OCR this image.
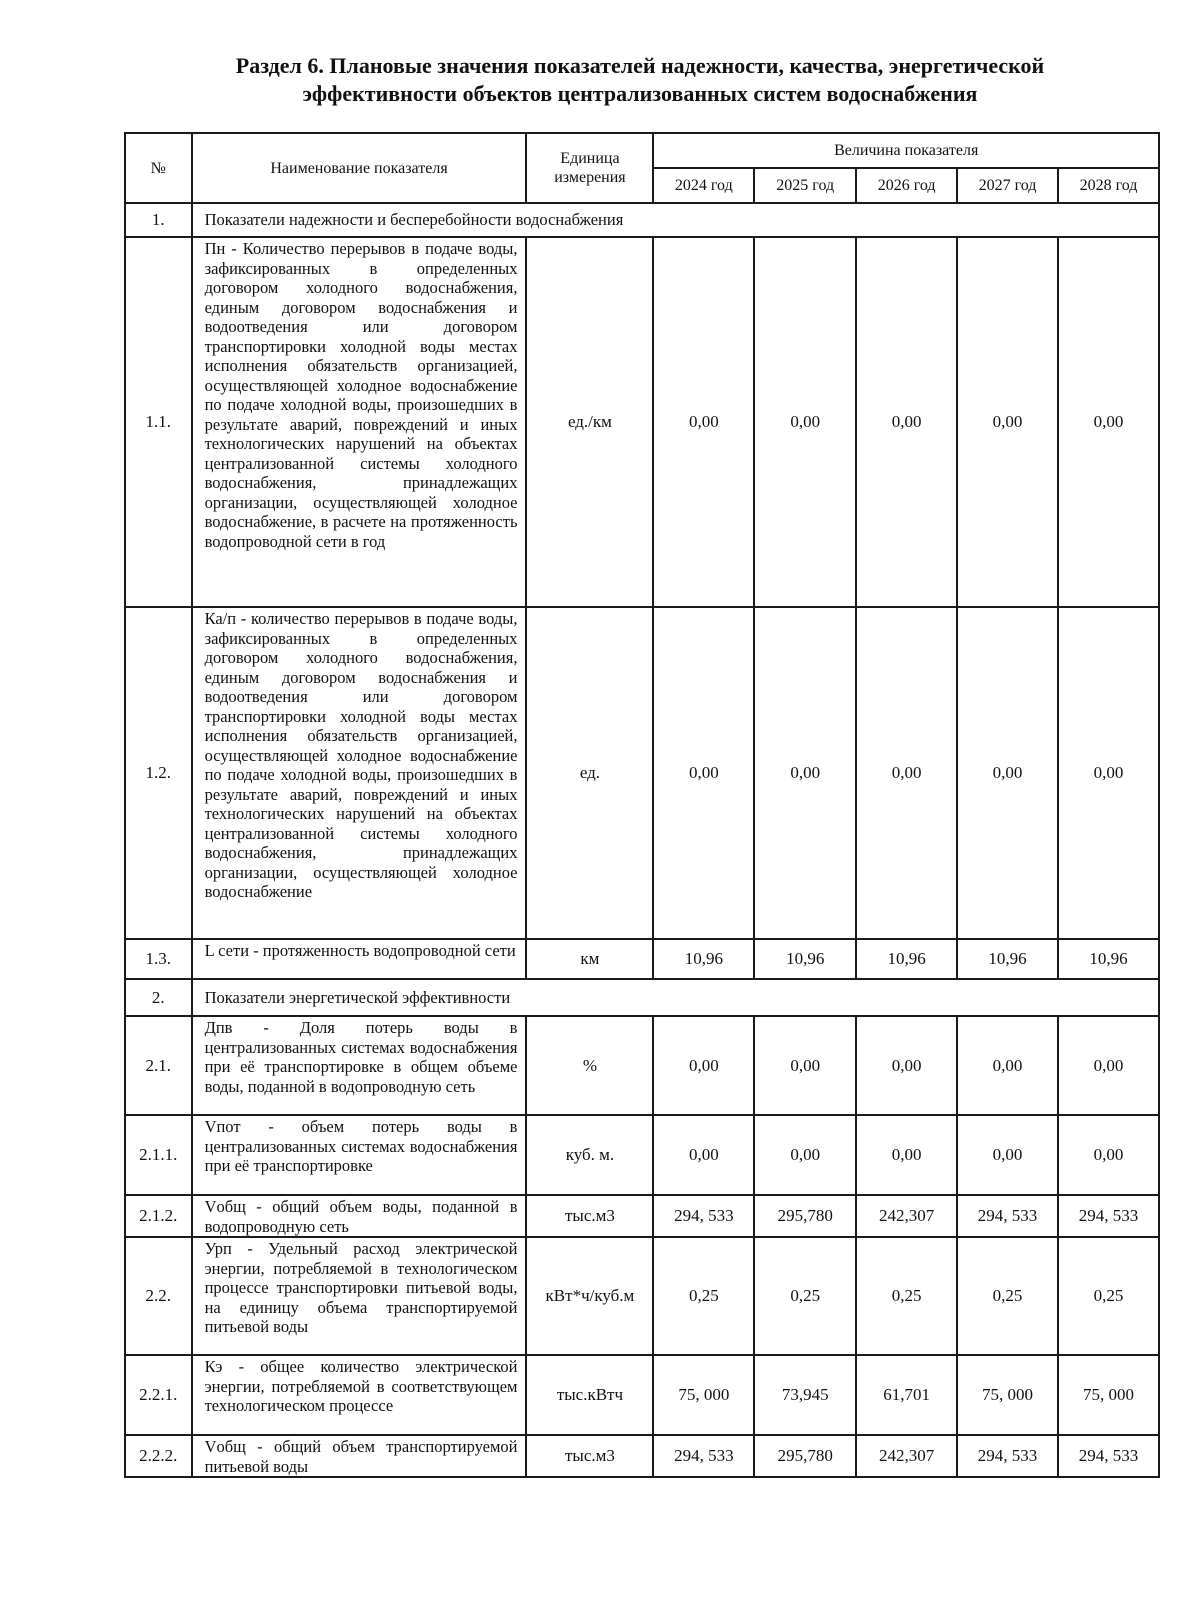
Раздел 6. Плановые значения показателей надежности, качества, энергетической
эффективности объектов централизованных систем водоснабжения
№	Наименование показателя	Единица измерения	Величина показателя				
			2024 год	2025 год	2026 год	2027 год	2028 год
1.	Показатели надежности и бесперебойности водоснабжения						
1.1.	Пн - Количество перерывов в подаче воды, зафиксированных в определенных договором холодного водоснабжения, единым договором водоснабжения и водоотведения или договором транспортировки холодной воды местах исполнения обязательств организацией, осуществляющей холодное водоснабжение по подаче холодной воды, произошедших в результате аварий, повреждений и иных технологических нарушений на объектах централизованной системы холодного водоснабжения, принадлежащих организации, осуществляющей холодное водоснабжение, в расчете на протяженность водопроводной сети в год	ед./км	0,00	0,00	0,00	0,00	0,00
1.2.	Ка/п - количество перерывов в подаче воды, зафиксированных в определенных договором холодного водоснабжения, единым договором водоснабжения и водоотведения или договором транспортировки холодной воды местах исполнения обязательств организацией, осуществляющей холодное водоснабжение по подаче холодной воды, произошедших в результате аварий, повреждений и иных технологических нарушений на объектах централизованной системы холодного водоснабжения, принадлежащих организации, осуществляющей холодное водоснабжение	ед.	0,00	0,00	0,00	0,00	0,00
1.3.	L сети - протяженность водопроводной сети	км	10,96	10,96	10,96	10,96	10,96
2.	Показатели энергетической эффективности						
2.1.	Дпв - Доля потерь воды в централизованных системах водоснабжения при её транспортировке в общем объеме воды, поданной в водопроводную сеть	%	0,00	0,00	0,00	0,00	0,00
2.1.1.	Vпот - объем потерь воды в централизованных системах водоснабжения при её транспортировке	куб. м.	0,00	0,00	0,00	0,00	0,00
2.1.2.	Vобщ - общий объем воды, поданной в водопроводную сеть	тыс.м3	294, 533	295,780	242,307	294, 533	294, 533
2.2.	Урп - Удельный расход электрической энергии, потребляемой в технологическом процессе транспортировки питьевой воды, на единицу объема транспортируемой питьевой воды	кВт*ч/куб.м	0,25	0,25	0,25	0,25	0,25
2.2.1.	Кэ - общее количество электрической энергии, потребляемой в соответствующем технологическом процессе	тыс.кВтч	75, 000	73,945	61,701	75, 000	75, 000
2.2.2.	Vобщ - общий объем транспортируемой питьевой воды	тыс.м3	294, 533	295,780	242,307	294, 533	294, 533
